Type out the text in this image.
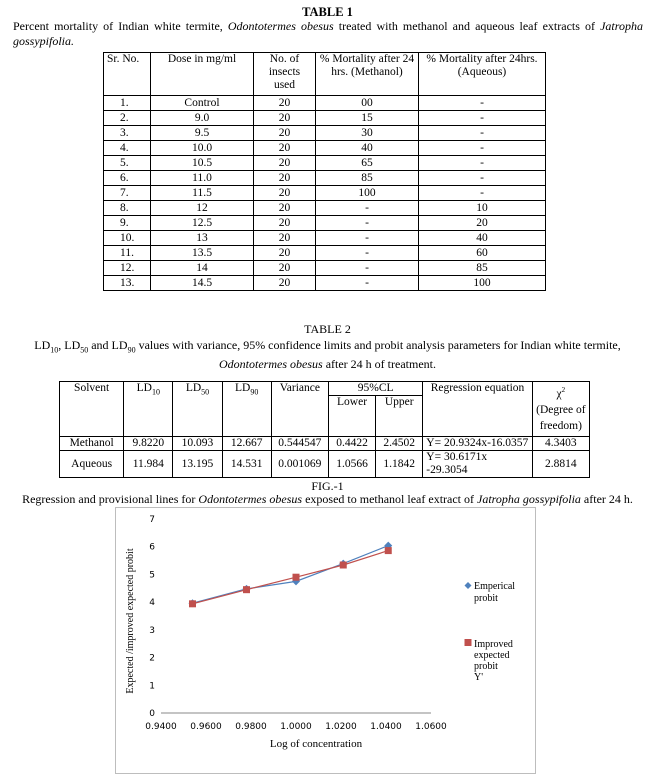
TABLE 1
Percent mortality of Indian white termite, Odontotermes obesus treated with methanol and aqueous leaf extracts of Jatropha gossypifolia.
Sr. No.	Dose in mg/ml	No. of insects used	% Mortality after 24 hrs. (Methanol)	% Mortality after 24hrs. (Aqueous)
1.	Control	20	00	-
2.	9.0	20	15	-
3.	9.5	20	30	-
4.	10.0	20	40	-
5.	10.5	20	65	-
6.	11.0	20	85	-
7.	11.5	20	100	-
8.	12	20	-	10
9.	12.5	20	-	20
10.	13	20	-	40
11.	13.5	20	-	60
12.	14	20	-	85
13.	14.5	20	-	100
TABLE 2
$LD_{10}$, $LD_{50}$ and $LD_{90}$ values with variance, 95% confidence limits and probit analysis parameters for Indian white termite,
Odontotermes obesus after 24 h of treatment.
Solvent	$LD_{10}$	$LD_{50}$	$LD_{90}$	Variance	95%CL		Regression equation	$\chi^2$
(Degree of freedom)
					Lower	Upper		
Methanol	9.8220	10.093	12.667	0.544547	0.4422	2.4502	Y= 20.9324x-16.0357	4.3403
Aqueous	11.984	13.195	14.531	0.001069	1.0566	1.1842	Y= 30.6171x -29.3054	2.8814
FIG.-1
Regression and provisional lines for Odontotermes obesus exposed to methanol leaf extract of Jatropha gossypifolia after 24 h.
0
1
2
3
4
5
6
7
0.9400 0.9600 0.9800 1.0000 1.0200 1.0400 1.0600
Log of concentration
Expected /improved expected probit	Emperical
probit
Improved
expected
probit
Y'
